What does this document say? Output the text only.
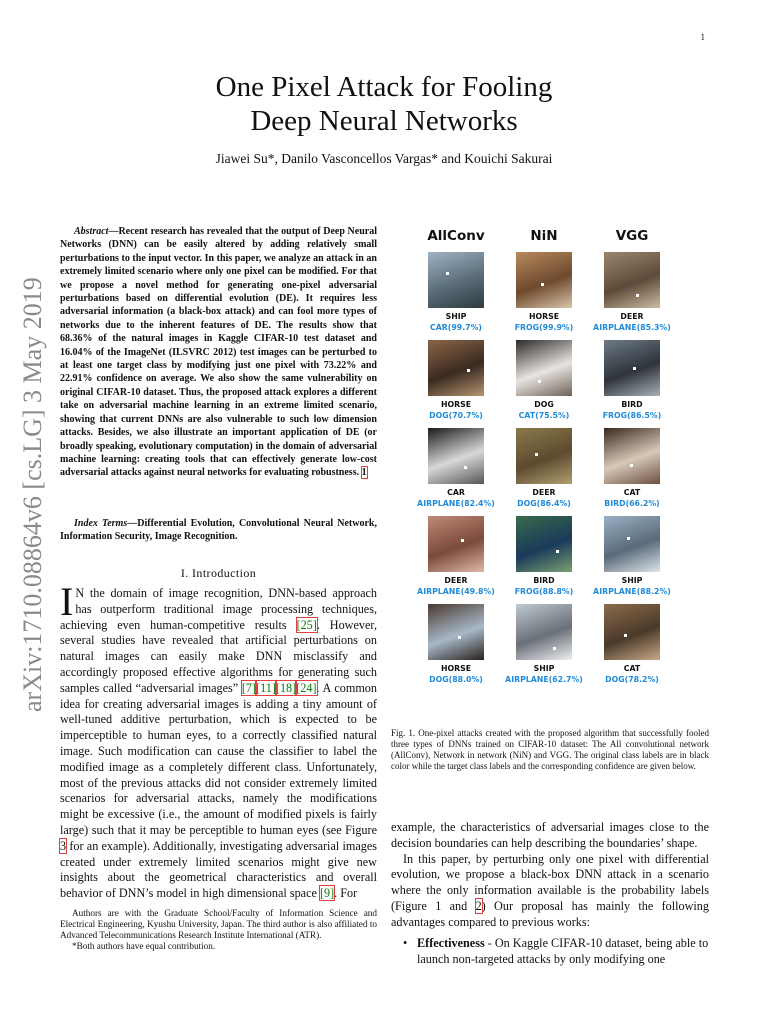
1
One Pixel Attack for Fooling
Deep Neural Networks
Jiawei Su*, Danilo Vasconcellos Vargas* and Kouichi Sakurai
arXiv:1710.08864v6 [cs.LG] 3 May 2019
Abstract—Recent research has revealed that the output of Deep Neural Networks (DNN) can be easily altered by adding relatively small perturbations to the input vector. In this paper, we analyze an attack in an extremely limited scenario where only one pixel can be modified. For that we propose a novel method for generating one-pixel adversarial perturbations based on differential evolution (DE). It requires less adversarial information (a black-box attack) and can fool more types of networks due to the inherent features of DE. The results show that 68.36% of the natural images in Kaggle CIFAR-10 test dataset and 16.04% of the ImageNet (ILSVRC 2012) test images can be perturbed to at least one target class by modifying just one pixel with 73.22% and 22.91% confidence on average. We also show the same vulnerability on original CIFAR-10 dataset. Thus, the proposed attack explores a different take on adversarial machine learning in an extreme limited scenario, showing that current DNNs are also vulnerable to such low dimension attacks. Besides, we also illustrate an important application of DE (or broadly speaking, evolutionary computation) in the domain of adversarial machine learning: creating tools that can effectively generate low-cost adversarial attacks against neural networks for evaluating robustness. 1
Index Terms—Differential Evolution, Convolutional Neural Network, Information Security, Image Recognition.
I. Introduction
I N the domain of image recognition, DNN-based approach has outperform traditional image processing techniques, achieving even human-competitive results [25]. However, several studies have revealed that artificial perturbations on natural images can easily make DNN misclassify and accordingly proposed effective algorithms for generating such samples called “adversarial images” [7][11][18][24]. A common idea for creating adversarial images is adding a tiny amount of well-tuned additive perturbation, which is expected to be imperceptible to human eyes, to a correctly classified natural image. Such modification can cause the classifier to label the modified image as a completely different class. Unfortunately, most of the previous attacks did not consider extremely limited scenarios for adversarial attacks, namely the modifications might be excessive (i.e., the amount of modified pixels is fairly large) such that it may be perceptible to human eyes (see Figure 3 for an example). Additionally, investigating adversarial images created under extremely limited scenarios might give new insights about the geometrical characteristics and overall behavior of DNN’s model in high dimensional space [9]. For

Authors are with the Graduate School/Faculty of Information Science and Electrical Engineering, Kyushu University, Japan. The third author is also affiliated to Advanced Telecommunications Research Institute International (ATR).

*Both authors have equal contribution.

AllConv	NiN	VGG
SHIP
CAR(99.7%)
HORSE
FROG(99.9%)
DEER
AIRPLANE(85.3%)
HORSE
DOG(70.7%)
DOG
CAT(75.5%)
BIRD
FROG(86.5%)
CAR
AIRPLANE(82.4%)
DEER
DOG(86.4%)
CAT
BIRD(66.2%)
DEER
AIRPLANE(49.8%)
BIRD
FROG(88.8%)
SHIP
AIRPLANE(88.2%)
HORSE
DOG(88.0%)
SHIP
AIRPLANE(62.7%)
CAT
DOG(78.2%)
Fig. 1. One-pixel attacks created with the proposed algorithm that successfully fooled three types of DNNs trained on CIFAR-10 dataset: The All convolutional network (AllConv), Network in network (NiN) and VGG. The original class labels are in black color while the target class labels and the corresponding confidence are given below.

example, the characteristics of adversarial images close to the decision boundaries can help describing the boundaries’ shape.

In this paper, by perturbing only one pixel with differential evolution, we propose a black-box DNN attack in a scenario where the only information available is the probability labels (Figure 1 and 2) Our proposal has mainly the following advantages compared to previous works:

• Effectiveness - On Kaggle CIFAR-10 dataset, being able to launch non-targeted attacks by only modifying one
